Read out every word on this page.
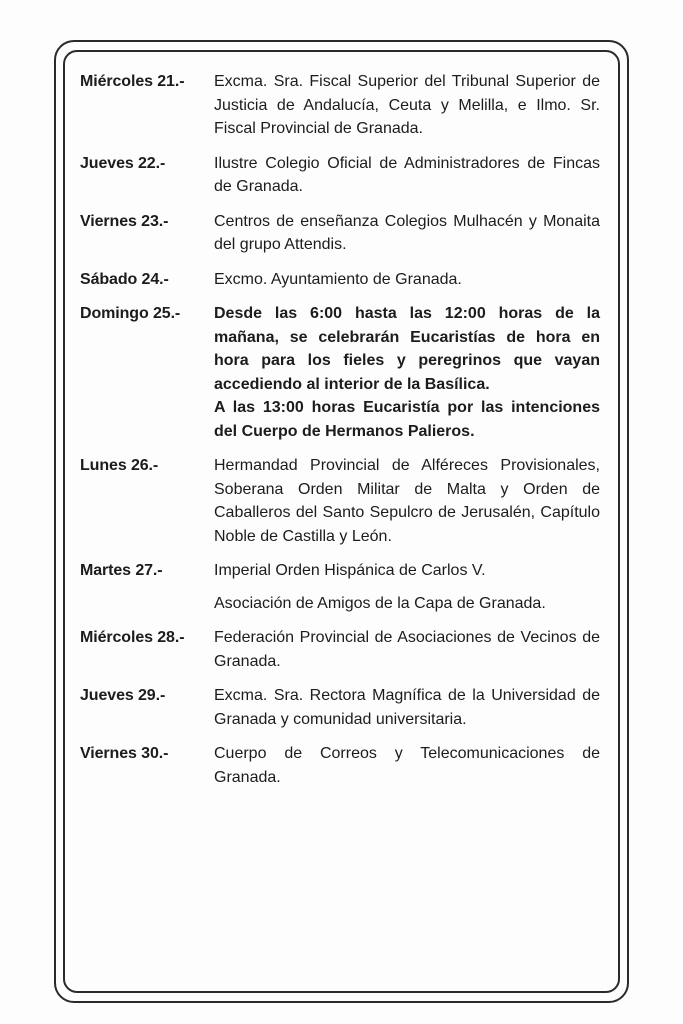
Miércoles 21.-	Excma. Sra. Fiscal Superior del Tribunal Superior de Justicia de Andalucía, Ceuta y Melilla, e Ilmo. Sr. Fiscal Provincial de Granada.
Jueves 22.-	Ilustre Colegio Oficial de Administradores de Fincas de Granada.
Viernes 23.-	Centros de enseñanza Colegios Mulhacén y Monaita del grupo Attendis.
Sábado 24.-	Excmo. Ayuntamiento de Granada.
Domingo 25.-	Desde las 6:00 hasta las 12:00 horas de la mañana, se celebrarán Eucaristías de hora en hora para los fieles y peregrinos que vayan accediendo al interior de la Basílica.
A las 13:00 horas Eucaristía por las intenciones del Cuerpo de Hermanos Palieros.
Lunes 26.-	Hermandad Provincial de Alféreces Provisionales, Soberana Orden Militar de Malta y Orden de Caballeros del Santo Sepulcro de Jerusalén, Capítulo Noble de Castilla y León.
Martes 27.-	Imperial Orden Hispánica de Carlos V.
Asociación de Amigos de la Capa de Granada.
Miércoles 28.-	Federación Provincial de Asociaciones de Vecinos de Granada.
Jueves 29.-	Excma. Sra. Rectora Magnífica de la Universidad de Granada y comunidad universitaria.
Viernes 30.-	Cuerpo de Correos y Telecomunicaciones de Granada.
